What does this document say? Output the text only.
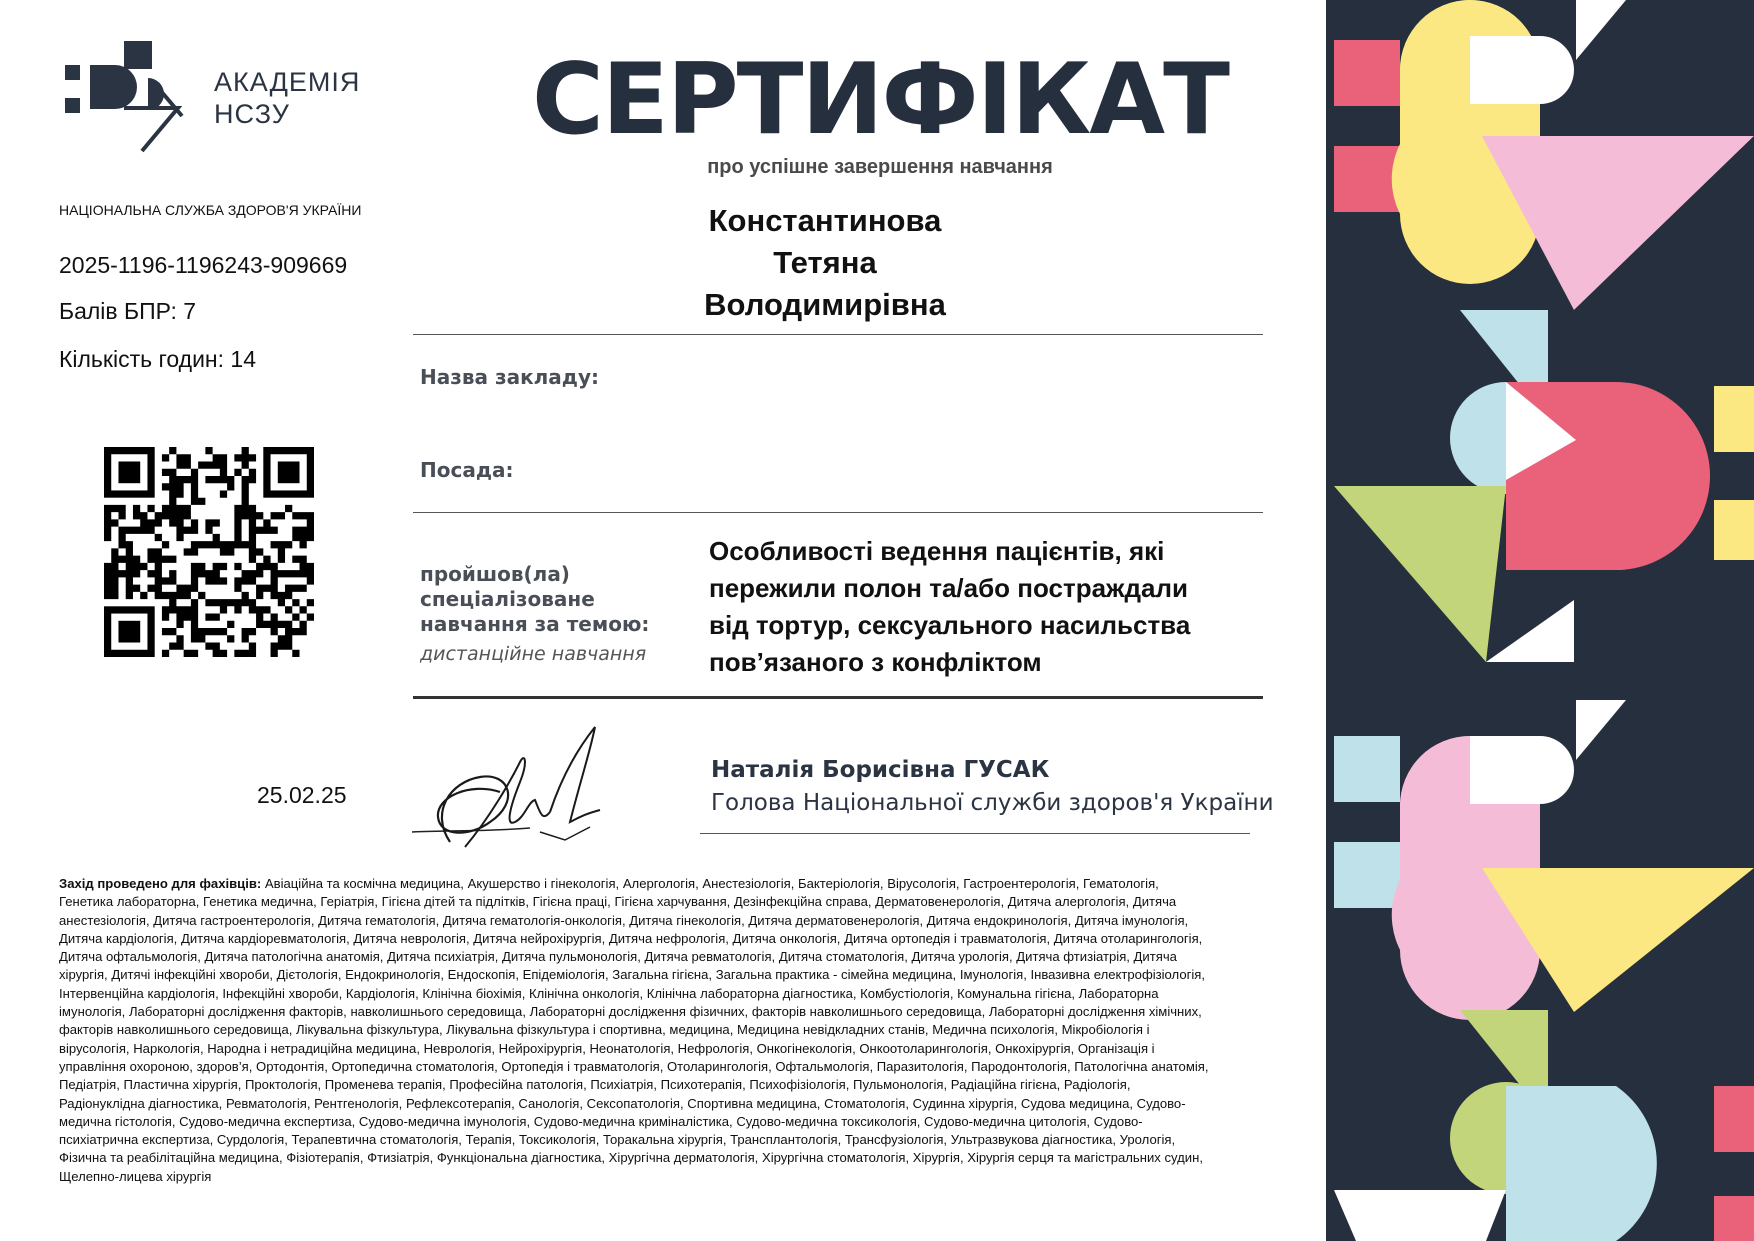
АКАДЕМІЯ
НСЗУ
НАЦІОНАЛЬНА СЛУЖБА ЗДОРОВ'Я УКРАЇНИ
2025-1196-1196243-909669
Балів БПР: 7
Кількість годин: 14
СЕРТИФІКАТ
про успішне завершення навчання
Константинова
Тетяна
Володимирівна
Назва закладу:
Посада:
пройшов(ла)
спеціалізоване
навчання за темою:
дистанційне навчання
Особливості ведення пацієнтів, які
пережили полон та/або постраждали
від тортур, сексуального насильства
пов’язаного з конфліктом
25.02.25
Наталія Борисівна ГУСАК
Голова Національної служби здоров'я України
Захід проведено для фахівців: Авіаційна та космічна медицина, Акушерство і гінекологія, Алергологія, Анестезіологія, Бактеріологія, Вірусологія, Гастроентерологія, Гематологія,
Генетика лабораторна, Генетика медична, Геріатрія, Гігієна дітей та підлітків, Гігієна праці, Гігієна харчування, Дезінфекційна справа, Дерматовенерологія, Дитяча алергологія, Дитяча
анестезіологія, Дитяча гастроентерологія, Дитяча гематологія, Дитяча гематологія-онкологія, Дитяча гінекологія, Дитяча дерматовенерологія, Дитяча ендокринологія, Дитяча імунологія,
Дитяча кардіологія, Дитяча кардіоревматологія, Дитяча неврологія, Дитяча нейрохірургія, Дитяча нефрологія, Дитяча онкологія, Дитяча ортопедія і травматологія, Дитяча отоларингологія,
Дитяча офтальмологія, Дитяча патологічна анатомія, Дитяча психіатрія, Дитяча пульмонологія, Дитяча ревматологія, Дитяча стоматологія, Дитяча урологія, Дитяча фтизіатрія, Дитяча
хірургія, Дитячі інфекційні хвороби, Дієтологія, Ендокринологія, Ендоскопія, Епідеміологія, Загальна гігієна, Загальна практика - сімейна медицина, Імунологія, Інвазивна електрофізіологія,
Інтервенційна кардіологія, Інфекційні хвороби, Кардіологія, Клінічна біохімія, Клінічна онкологія, Клінічна лабораторна діагностика, Комбустіологія, Комунальна гігієна, Лабораторна
імунологія, Лабораторні дослідження факторів, навколишнього середовища, Лабораторні дослідження фізичних, факторів навколишнього середовища, Лабораторні дослідження хімічних,
факторів навколишнього середовища, Лікувальна фізкультура, Лікувальна фізкультура і спортивна, медицина, Медицина невідкладних станів, Медична психологія, Мікробіологія і
вірусологія, Наркологія, Народна і нетрадиційна медицина, Неврологія, Нейрохірургія, Неонатологія, Нефрологія, Онкогінекологія, Онкоотоларингологія, Онкохірургія, Організація і
управління охороною, здоров’я, Ортодонтія, Ортопедична стоматологія, Ортопедія і травматологія, Отоларингологія, Офтальмологія, Паразитологія, Пародонтологія, Патологічна анатомія,
Педіатрія, Пластична хірургія, Проктологія, Променева терапія, Професійна патологія, Психіатрія, Психотерапія, Психофізіологія, Пульмонологія, Радіаційна гігієна, Радіологія,
Радіонуклідна діагностика, Ревматологія, Рентгенологія, Рефлексотерапія, Санологія, Сексопатологія, Спортивна медицина, Стоматологія, Судинна хірургія, Судова медицина, Судово-
медична гістологія, Судово-медична експертиза, Судово-медична імунологія, Судово-медична криміналістика, Судово-медична токсикологія, Судово-медична цитологія, Судово-
психіатрична експертиза, Сурдологія, Терапевтична стоматологія, Терапія, Токсикологія, Торакальна хірургія, Трансплантологія, Трансфузіологія, Ультразвукова діагностика, Урологія,
Фізична та реабілітаційна медицина, Фізіотерапія, Фтизіатрія, Функціональна діагностика, Хірургічна дерматологія, Хірургічна стоматологія, Хірургія, Хірургія серця та магістральних судин,
Щелепно-лицева хірургія
